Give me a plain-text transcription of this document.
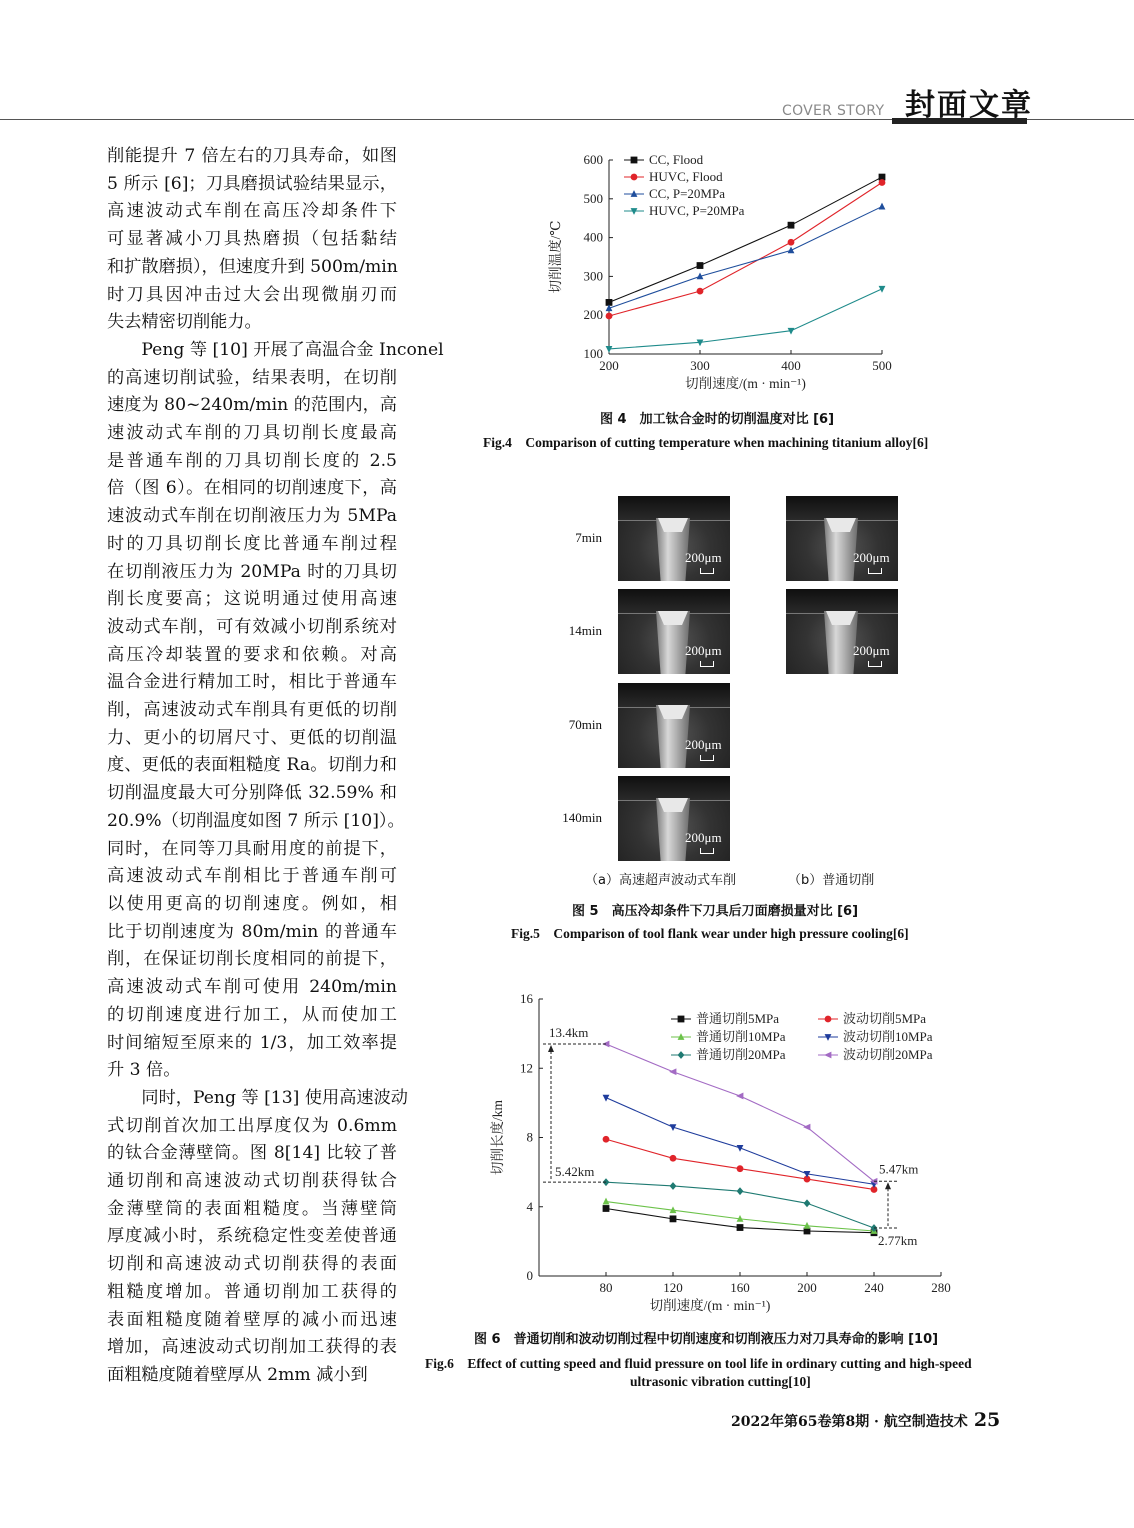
COVER STORY 封面文章

削能提升 7 倍左右的刀具寿命，如图
5 所示 [6]；刀具磨损试验结果显示，
高速波动式车削在高压冷却条件下
可显著减小刀具热磨损（包括黏结
和扩散磨损），但速度升到 500m/min
时刀具因冲击过大会出现微崩刃而
失去精密切削能力。

Peng 等 [10] 开展了高温合金 Inconel
的高速切削试验，结果表明，在切削
速度为 80~240m/min 的范围内，高
速波动式车削的刀具切削长度最高
是普通车削的刀具切削长度的 2.5
倍（图 6）。在相同的切削速度下，高
速波动式车削在切削液压力为 5MPa
时的刀具切削长度比普通车削过程
在切削液压力为 20MPa 时的刀具切
削长度要高；这说明通过使用高速
波动式车削，可有效减小切削系统对
高压冷却装置的要求和依赖。对高
温合金进行精加工时，相比于普通车
削，高速波动式车削具有更低的切削
力、更小的切屑尺寸、更低的切削温
度、更低的表面粗糙度 Ra。切削力和
切削温度最大可分别降低 32.59% 和
20.9%（切削温度如图 7 所示 [10]）。
同时，在同等刀具耐用度的前提下，
高速波动式车削相比于普通车削可
以使用更高的切削速度。例如，相
比于切削速度为 80m/min 的普通车
削，在保证切削长度相同的前提下，
高速波动式车削可使用 240m/min
的切削速度进行加工，从而使加工
时间缩短至原来的 1/3，加工效率提
升 3 倍。

同时，Peng 等 [13] 使用高速波动
式切削首次加工出厚度仅为 0.6mm
的钛合金薄壁筒。图 8[14] 比较了普
通切削和高速波动式切削获得钛合
金薄壁筒的表面粗糙度。当薄壁筒
厚度减小时，系统稳定性变差使普通
切削和高速波动式切削获得的表面
粗糙度增加。普通切削加工获得的
表面粗糙度随着壁厚的减小而迅速
增加，高速波动式切削加工获得的表
面粗糙度随着壁厚从 2mm 减小到

200	300	400	500
100
200
300
400
500
600
切削速度/(m · min⁻¹)
切削温度/℃
CC, Flood
HUVC, Flood
CC, P=20MPa
HUVC, P=20MPa
图 4　加工钛合金时的切削温度对比 [6]
Fig.4　Comparison of cutting temperature when machining titanium alloy[6]
7min
14min
70min
140min
200μm
200μm
200μm
200μm
200μm
200μm
（a）高速超声波动式车削	（b）普通切削
图 5　高压冷却条件下刀具后刀面磨损量对比 [6]
Fig.5　Comparison of tool flank wear under high pressure cooling[6]
80	120	160	200	240	280
0
4
8
12
16
切削速度/(m · min⁻¹)
切削长度/km
普通切削5MPa	波动切削5MPa
普通切削10MPa	波动切削10MPa
普通切削20MPa	波动切削20MPa
13.4km
5.42km	5.47km
2.77km
图 6　普通切削和波动切削过程中切削速度和切削液压力对刀具寿命的影响 [10]
Fig.6　Effect of cutting speed and fluid pressure on tool life in ordinary cutting and high-speed
ultrasonic vibration cutting[10]
2022年第65卷第8期 · 航空制造技术 25
